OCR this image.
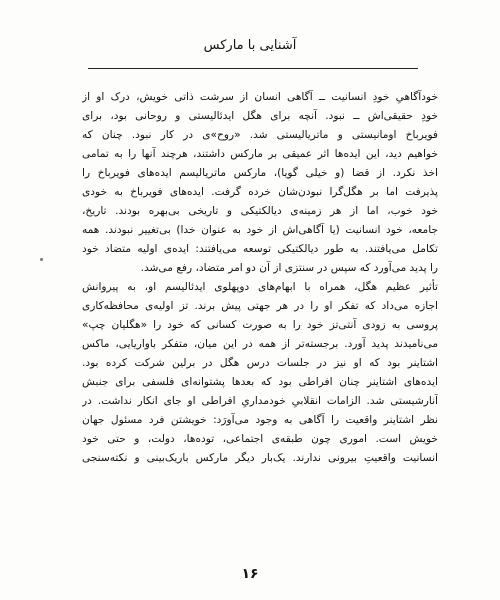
آشنایی با مارکس

خودآگاهیِ خودِ انسانیت ــ آگاهی انسان از سرشت ذاتی خویش، درک او از
خودِ حقیقی‌اش ــ نبود. آنچه برای هگل ایدئالیستی و روحانی بود، برای
فویرباخ اومانیستی و ماتریالیستی شد. «روح»ی در کار نبود. چنان که
خواهیم دید، این ایده‌ها اثر عمیقی بر مارکس داشتند، هرچند آنها را به تمامی
اخذ نکرد. از قضا (و خیلی گویا)، مارکس ماتریالیسم ایده‌های فویرباخ را
پذیرفت اما بر هگل‌گرا نبودن‌شان خرده گرفت. ایده‌های فویرباخ به خودی
خود خوب، اما از هر زمینه‌ی دیالکتیکی و تاریخی بی‌بهره بودند. تاریخ،
جامعه، خود انسانیت (یا آگاهی‌اش از خود به عنوان خدا) بی‌تغییر نبودند. همه
تکامل می‌یافتند. به طور دیالکتیکی توسعه می‌یافتند: ایده‌ی اولیه متضاد خود
را پدید می‌آورد که سپس در سنتزی از آن دو امر متضاد، رفع می‌شد.

تأثیر عظیم هگل، همراه با ابهام‌های دوپهلوی ایدئالیسم او، به پیروانش
اجازه می‌داد که تفکر او را در هر جهتی پیش برند. تز اولیه‌ی محافظه‌کاری
پروسی به زودی آنتی‌تز خود را به صورت کسانی که خود را «هگلیان چپ»
می‌نامیدند پدید آورد. برجسته‌تر از همه در این میان، متفکر باواریایی، ماکس
اشتاینر بود که او نیز در جلسات درس هگل در برلین شرکت کرده بود.
ایده‌های اشتاینر چنان افراطی بود که بعدها پشتوانه‌ای فلسفی برای جنبش
آنارشیستی شد. الزامات انقلابیِ خودمداریِ افراطی او جای انکار نداشت. در
نظر اشتاینر واقعیت را آگاهی به وجود می‌آورَد: خویشتن فرد مسئول جهان
خویش است. اموری چون طبقه‌ی اجتماعی، توده‌ها، دولت، و حتی خود
انسانیت واقعیتِ بیرونی ندارند. یک‌بار دیگر مارکس باریک‌بینی و نکته‌سنجی

۱۶
